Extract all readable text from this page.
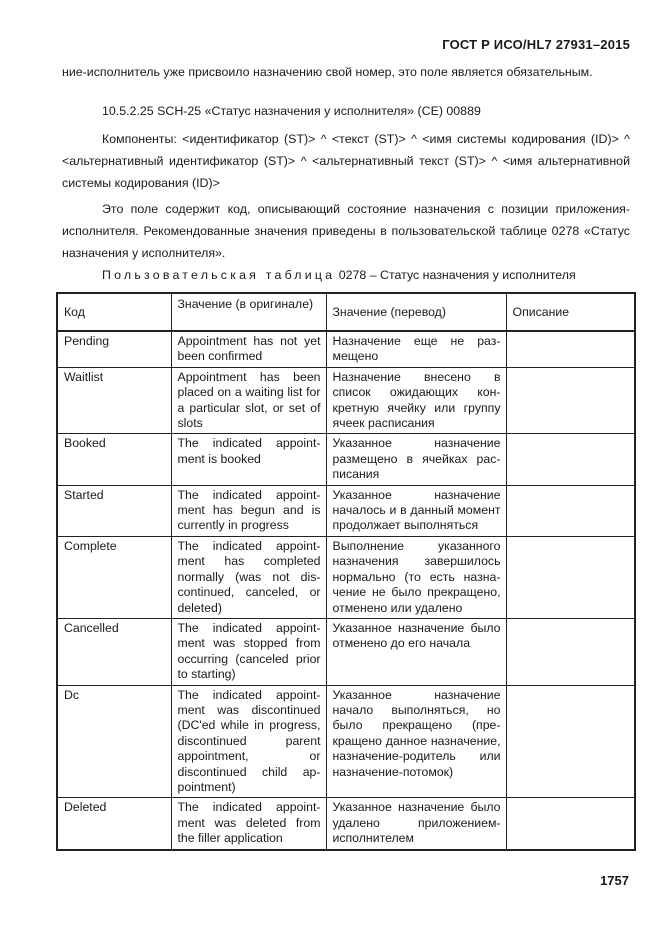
ГОСТ Р ИСО/HL7 27931–2015
ние-исполнитель уже присвоило назначению свой номер, это поле является обязательным.
10.5.2.25 SCH-25 «Статус назначения у исполнителя» (CE) 00889
Компоненты: <идентификатор (ST)> ^ <текст (ST)> ^ <имя системы кодирования (ID)> ^ <альтернативный идентификатор (ST)> ^ <альтернативный текст (ST)> ^ <имя альтернативной системы кодирования (ID)>
Это поле содержит код, описывающий состояние назначения с позиции приложения-исполнителя. Рекомендованные значения приведены в пользовательской таблице 0278 «Статус назначения у исполнителя».
Пользовательская таблица 0278 – Статус назначения у исполнителя
Код	Значение (в оригинале)	Значение (перевод)	Описание
Pending	Appointment has not yet been confirmed	Назначение еще не размещено	
Waitlist	Appointment has been placed on a waiting list for a particular slot, or set of slots	Назначение внесено в список ожидающих конкретную ячейку или группу ячеек расписания	
Booked	The indicated appointment is booked	Указанное назначение размещено в ячейках расписания	
Started	The indicated appointment has begun and is currently in progress	Указанное назначение началось и в данный момент продолжает выполняться	
Complete	The indicated appointment has completed normally (was not discontinued, canceled, or deleted)	Выполнение указанного назначения завершилось нормально (то есть назначение не было прекращено, отменено или удалено	
Cancelled	The indicated appointment was stopped from occurring (canceled prior to starting)	Указанное назначение было отменено до его начала	
Dc	The indicated appointment was discontinued (DC'ed while in progress, discontinued parent appointment, or discontinued child appointment)	Указанное назначение начало выполняться, но было прекращено (прекращено данное назначение, назначение-родитель или назначение-потомок)	
Deleted	The indicated appointment was deleted from the filler application	Указанное назначение было удалено приложением-исполнителем	
1757
